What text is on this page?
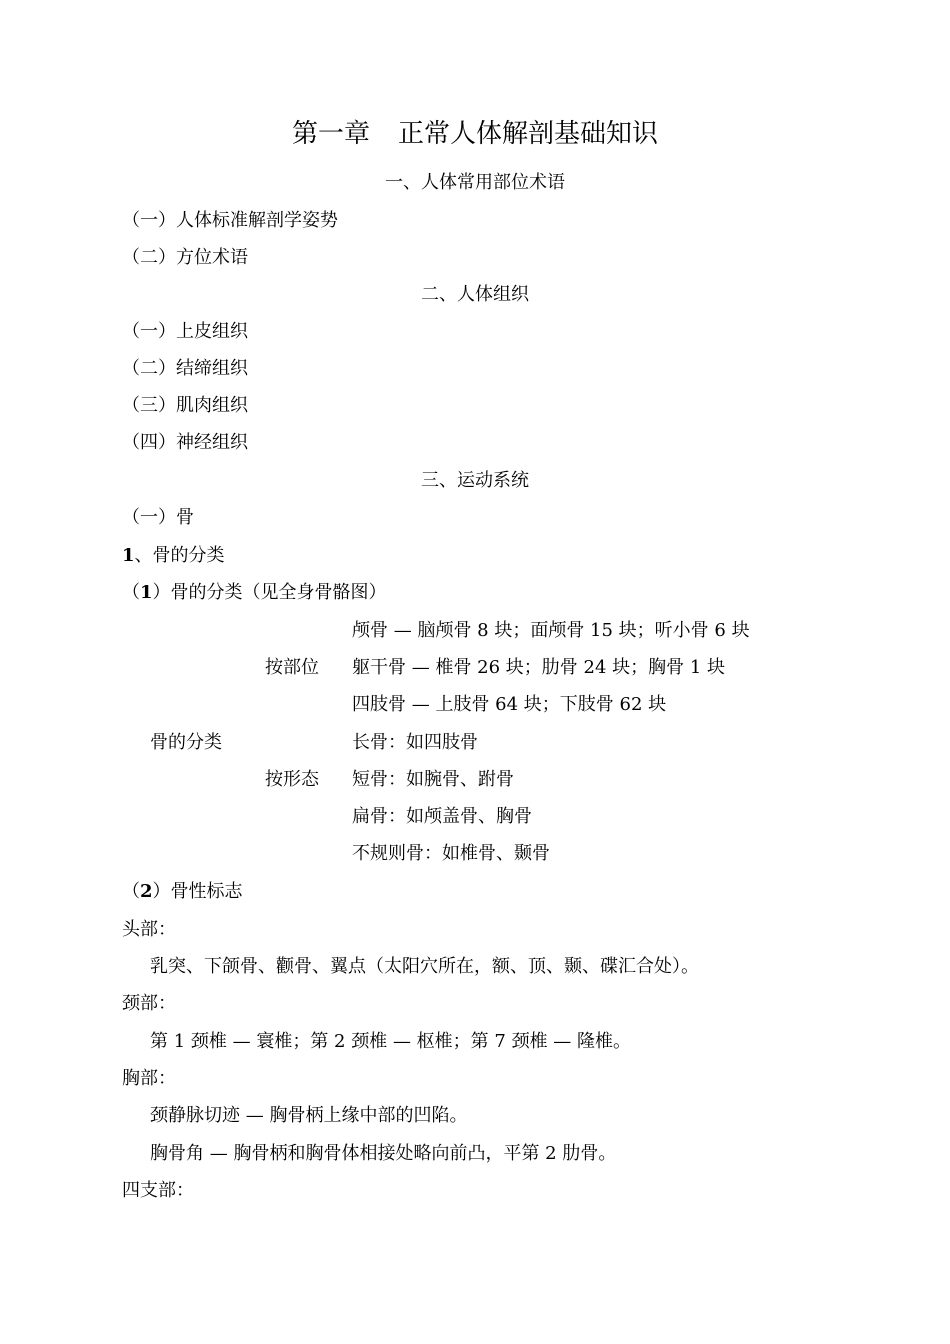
第一章 正常人体解剖基础知识
一、人体常用部位术语
（一）人体标准解剖学姿势
（二）方位术语
二、人体组织
（一）上皮组织
（二）结缔组织
（三）肌肉组织
（四）神经组织
三、运动系统
（一）骨
1、骨的分类
（1）骨的分类（见全身骨骼图）
颅骨 — 脑颅骨 8 块；面颅骨 15 块；听小骨 6 块
按部位 躯干骨 — 椎骨 26 块；肋骨 24 块；胸骨 1 块
四肢骨 — 上肢骨 64 块；下肢骨 62 块
骨的分类	长骨：如四肢骨
按形态 短骨：如腕骨、跗骨
扁骨：如颅盖骨、胸骨
不规则骨：如椎骨、颞骨
（2）骨性标志
头部：
乳突、下颌骨、颧骨、翼点（太阳穴所在，额、顶、颞、碟汇合处）。
颈部：
第 1 颈椎 — 寰椎；第 2 颈椎 — 枢椎；第 7 颈椎 — 隆椎。
胸部：
颈静脉切迹 — 胸骨柄上缘中部的凹陷。
胸骨角 — 胸骨柄和胸骨体相接处略向前凸，平第 2 肋骨。
四支部：
